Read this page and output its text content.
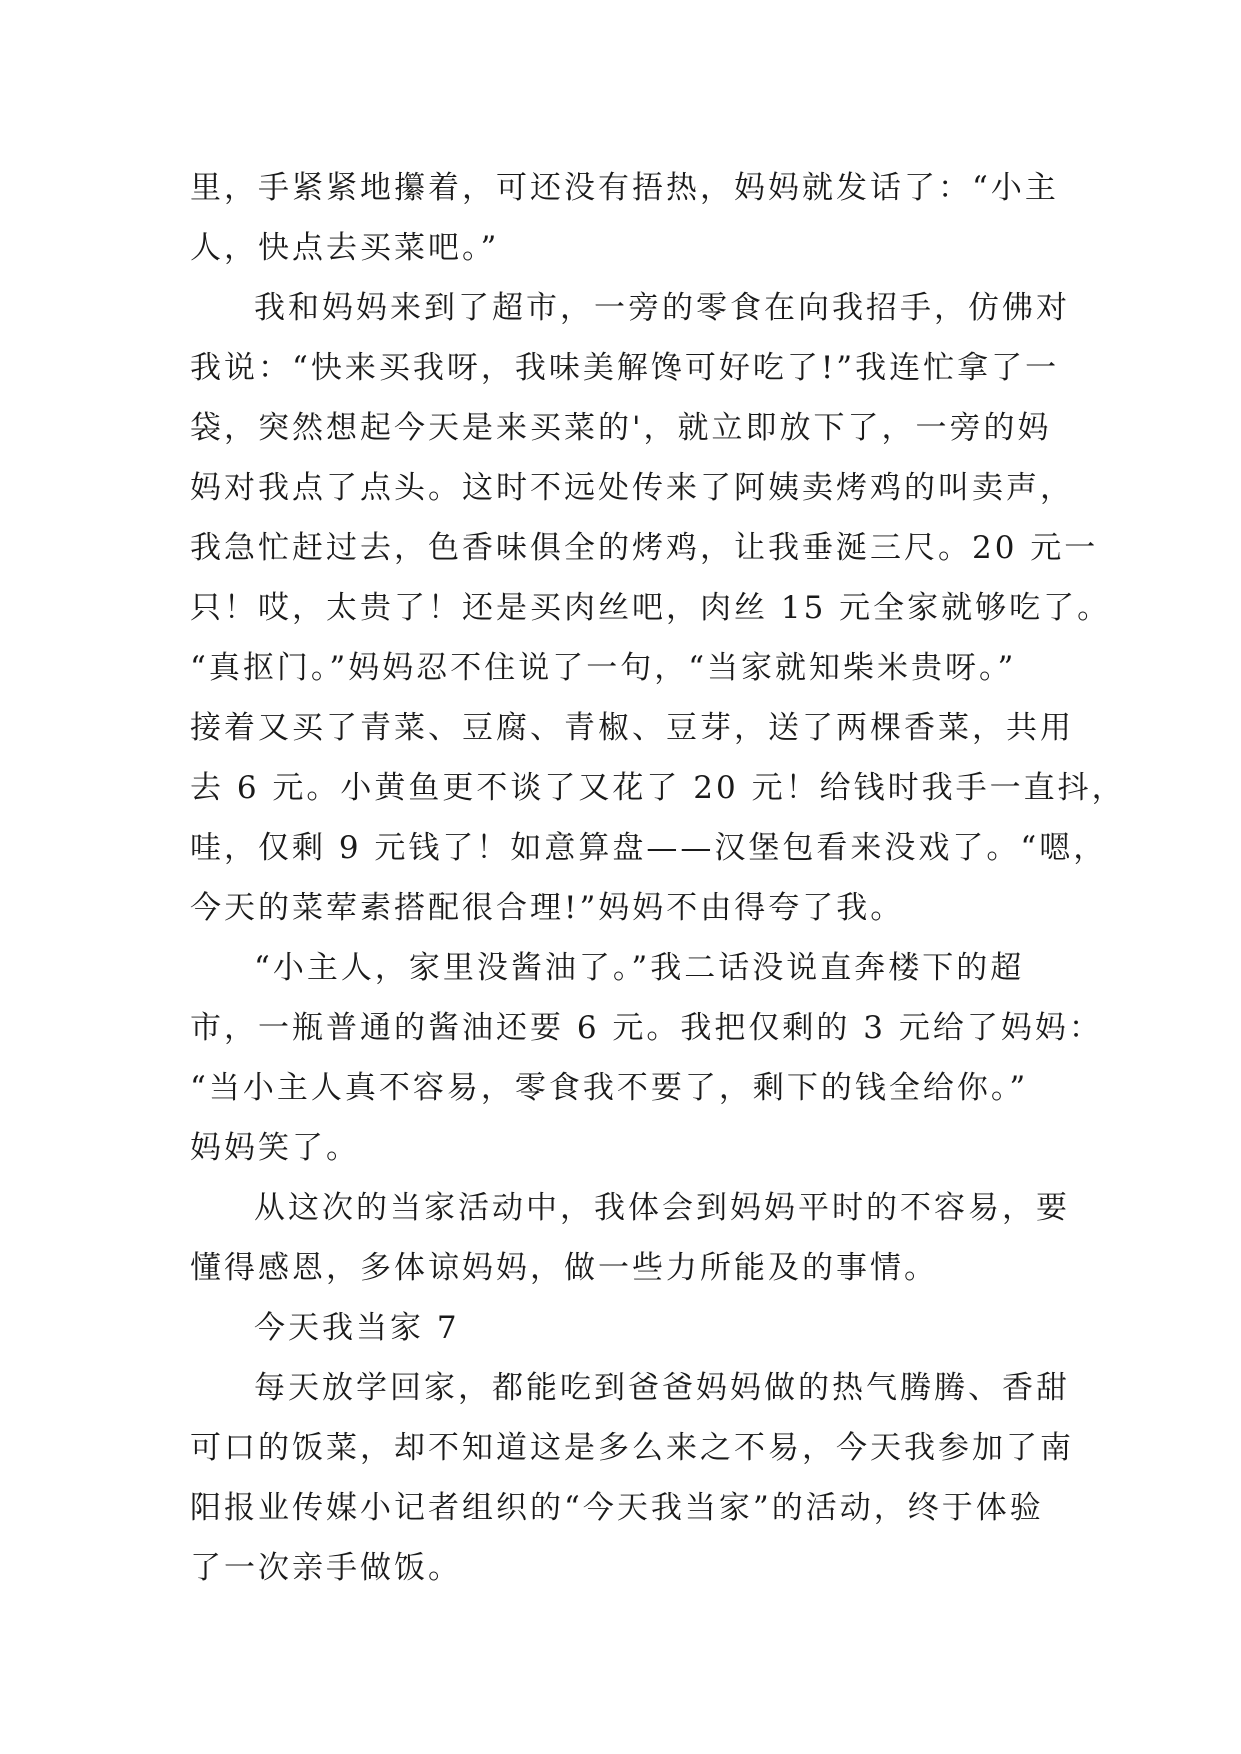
里，手紧紧地攥着，可还没有捂热，妈妈就发话了：“小主
人，快点去买菜吧。”
我和妈妈来到了超市，一旁的零食在向我招手，仿佛对
我说：“快来买我呀，我味美解馋可好吃了!”我连忙拿了一
袋，突然想起今天是来买菜的'，就立即放下了，一旁的妈
妈对我点了点头。这时不远处传来了阿姨卖烤鸡的叫卖声，
我急忙赶过去，色香味俱全的烤鸡，让我垂涎三尺。20 元一
只！哎，太贵了！还是买肉丝吧，肉丝 15 元全家就够吃了。
“真抠门。”妈妈忍不住说了一句，“当家就知柴米贵呀。”
接着又买了青菜、豆腐、青椒、豆芽，送了两棵香菜，共用
去 6 元。小黄鱼更不谈了又花了 20 元！给钱时我手一直抖，
哇，仅剩 9 元钱了！如意算盘——汉堡包看来没戏了。“嗯，
今天的菜荤素搭配很合理!”妈妈不由得夸了我。
“小主人，家里没酱油了。”我二话没说直奔楼下的超
市，一瓶普通的酱油还要 6 元。我把仅剩的 3 元给了妈妈：
“当小主人真不容易，零食我不要了，剩下的钱全给你。”
妈妈笑了。
从这次的当家活动中，我体会到妈妈平时的不容易，要
懂得感恩，多体谅妈妈，做一些力所能及的事情。
今天我当家 7
每天放学回家，都能吃到爸爸妈妈做的热气腾腾、香甜
可口的饭菜，却不知道这是多么来之不易，今天我参加了南
阳报业传媒小记者组织的“今天我当家”的活动，终于体验
了一次亲手做饭。
